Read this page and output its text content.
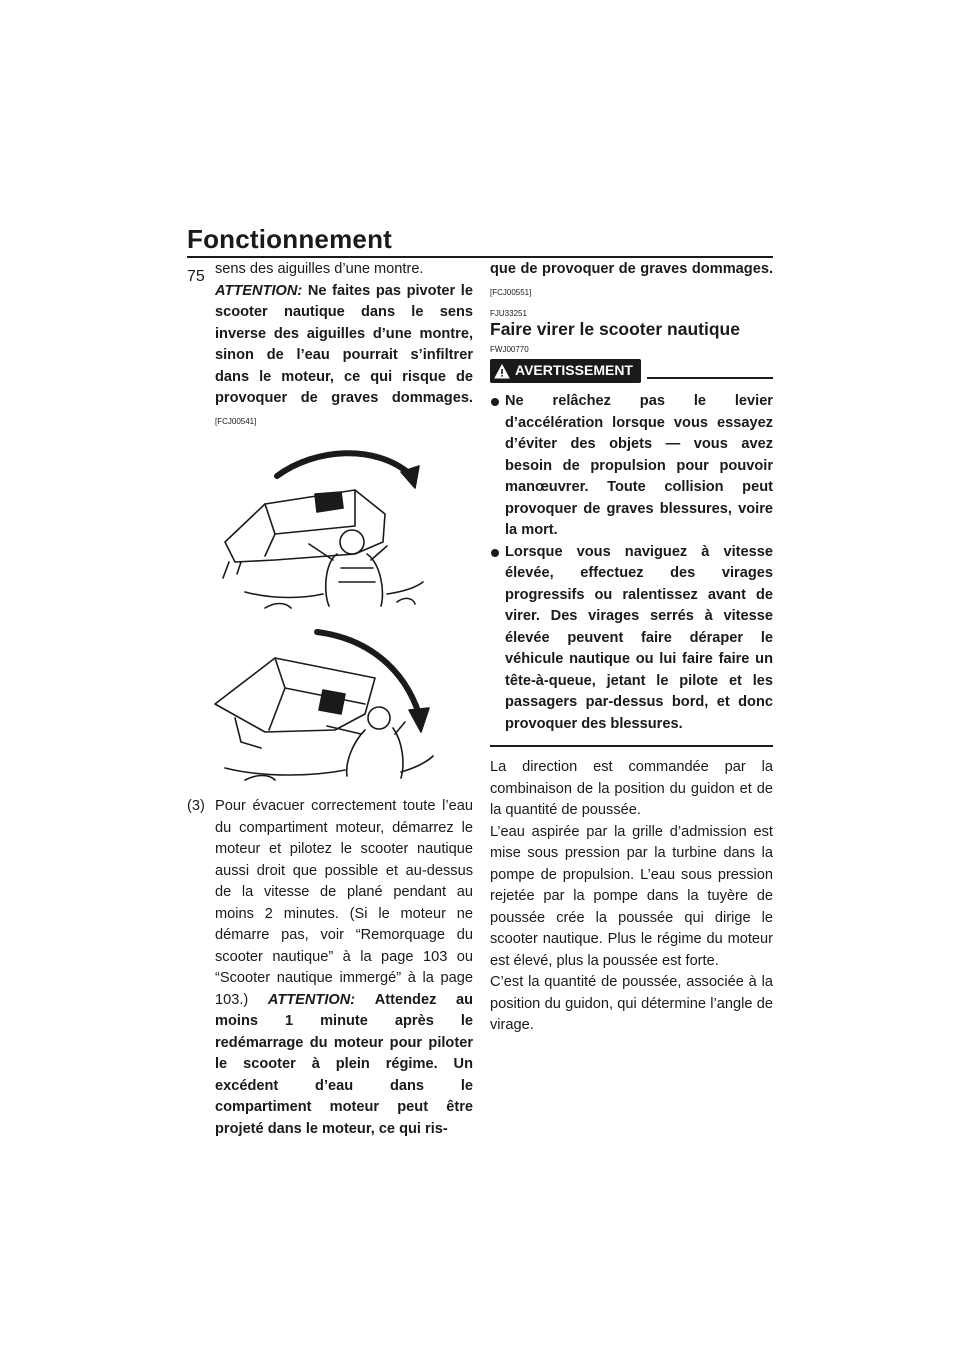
Fonctionnement
75 sens des aiguilles d’une montre.
ATTENTION: Ne faites pas pivoter le scooter nautique dans le sens inverse des aiguilles d’une montre, sinon de l’eau pourrait s’infiltrer dans le moteur, ce qui risque de provoquer de graves dommages. [FCJ00541]

(3) Pour évacuer correctement toute l’eau du compartiment moteur, démarrez le moteur et pilotez le scooter nautique aussi droit que possible et au-dessus de la vitesse de plané pendant au moins 2 minutes. (Si le moteur ne démarre pas, voir “Remorquage du scooter nautique” à la page 103 ou “Scooter nautique immergé” à la page 103.) ATTENTION: Attendez au moins 1 minute après le redémarrage du moteur pour piloter le scooter à plein régime. Un excédent d’eau dans le compartiment moteur peut être projeté dans le moteur, ce qui ris-

que de provoquer de graves dommages. [FCJ00551]

FJU33251
Faire virer le scooter nautique
FWJ00770
AVERTISSEMENT
Ne relâchez pas le levier d’accélération lorsque vous essayez d’éviter des objets — vous avez besoin de propulsion pour pouvoir manœuvrer. Toute collision peut provoquer de graves blessures, voire la mort.
Lorsque vous naviguez à vitesse élevée, effectuez des virages progressifs ou ralentissez avant de virer. Des virages serrés à vitesse élevée peuvent faire déraper le véhicule nautique ou lui faire faire un tête-à-queue, jetant le pilote et les passagers par-dessus bord, et donc provoquer des blessures.

La direction est commandée par la combinaison de la position du guidon et de la quantité de poussée.

L’eau aspirée par la grille d’admission est mise sous pression par la turbine dans la pompe de propulsion. L’eau sous pression rejetée par la pompe dans la tuyère de poussée crée la poussée qui dirige le scooter nautique. Plus le régime du moteur est élevé, plus la poussée est forte.

C’est la quantité de poussée, associée à la position du guidon, qui détermine l’angle de virage.
